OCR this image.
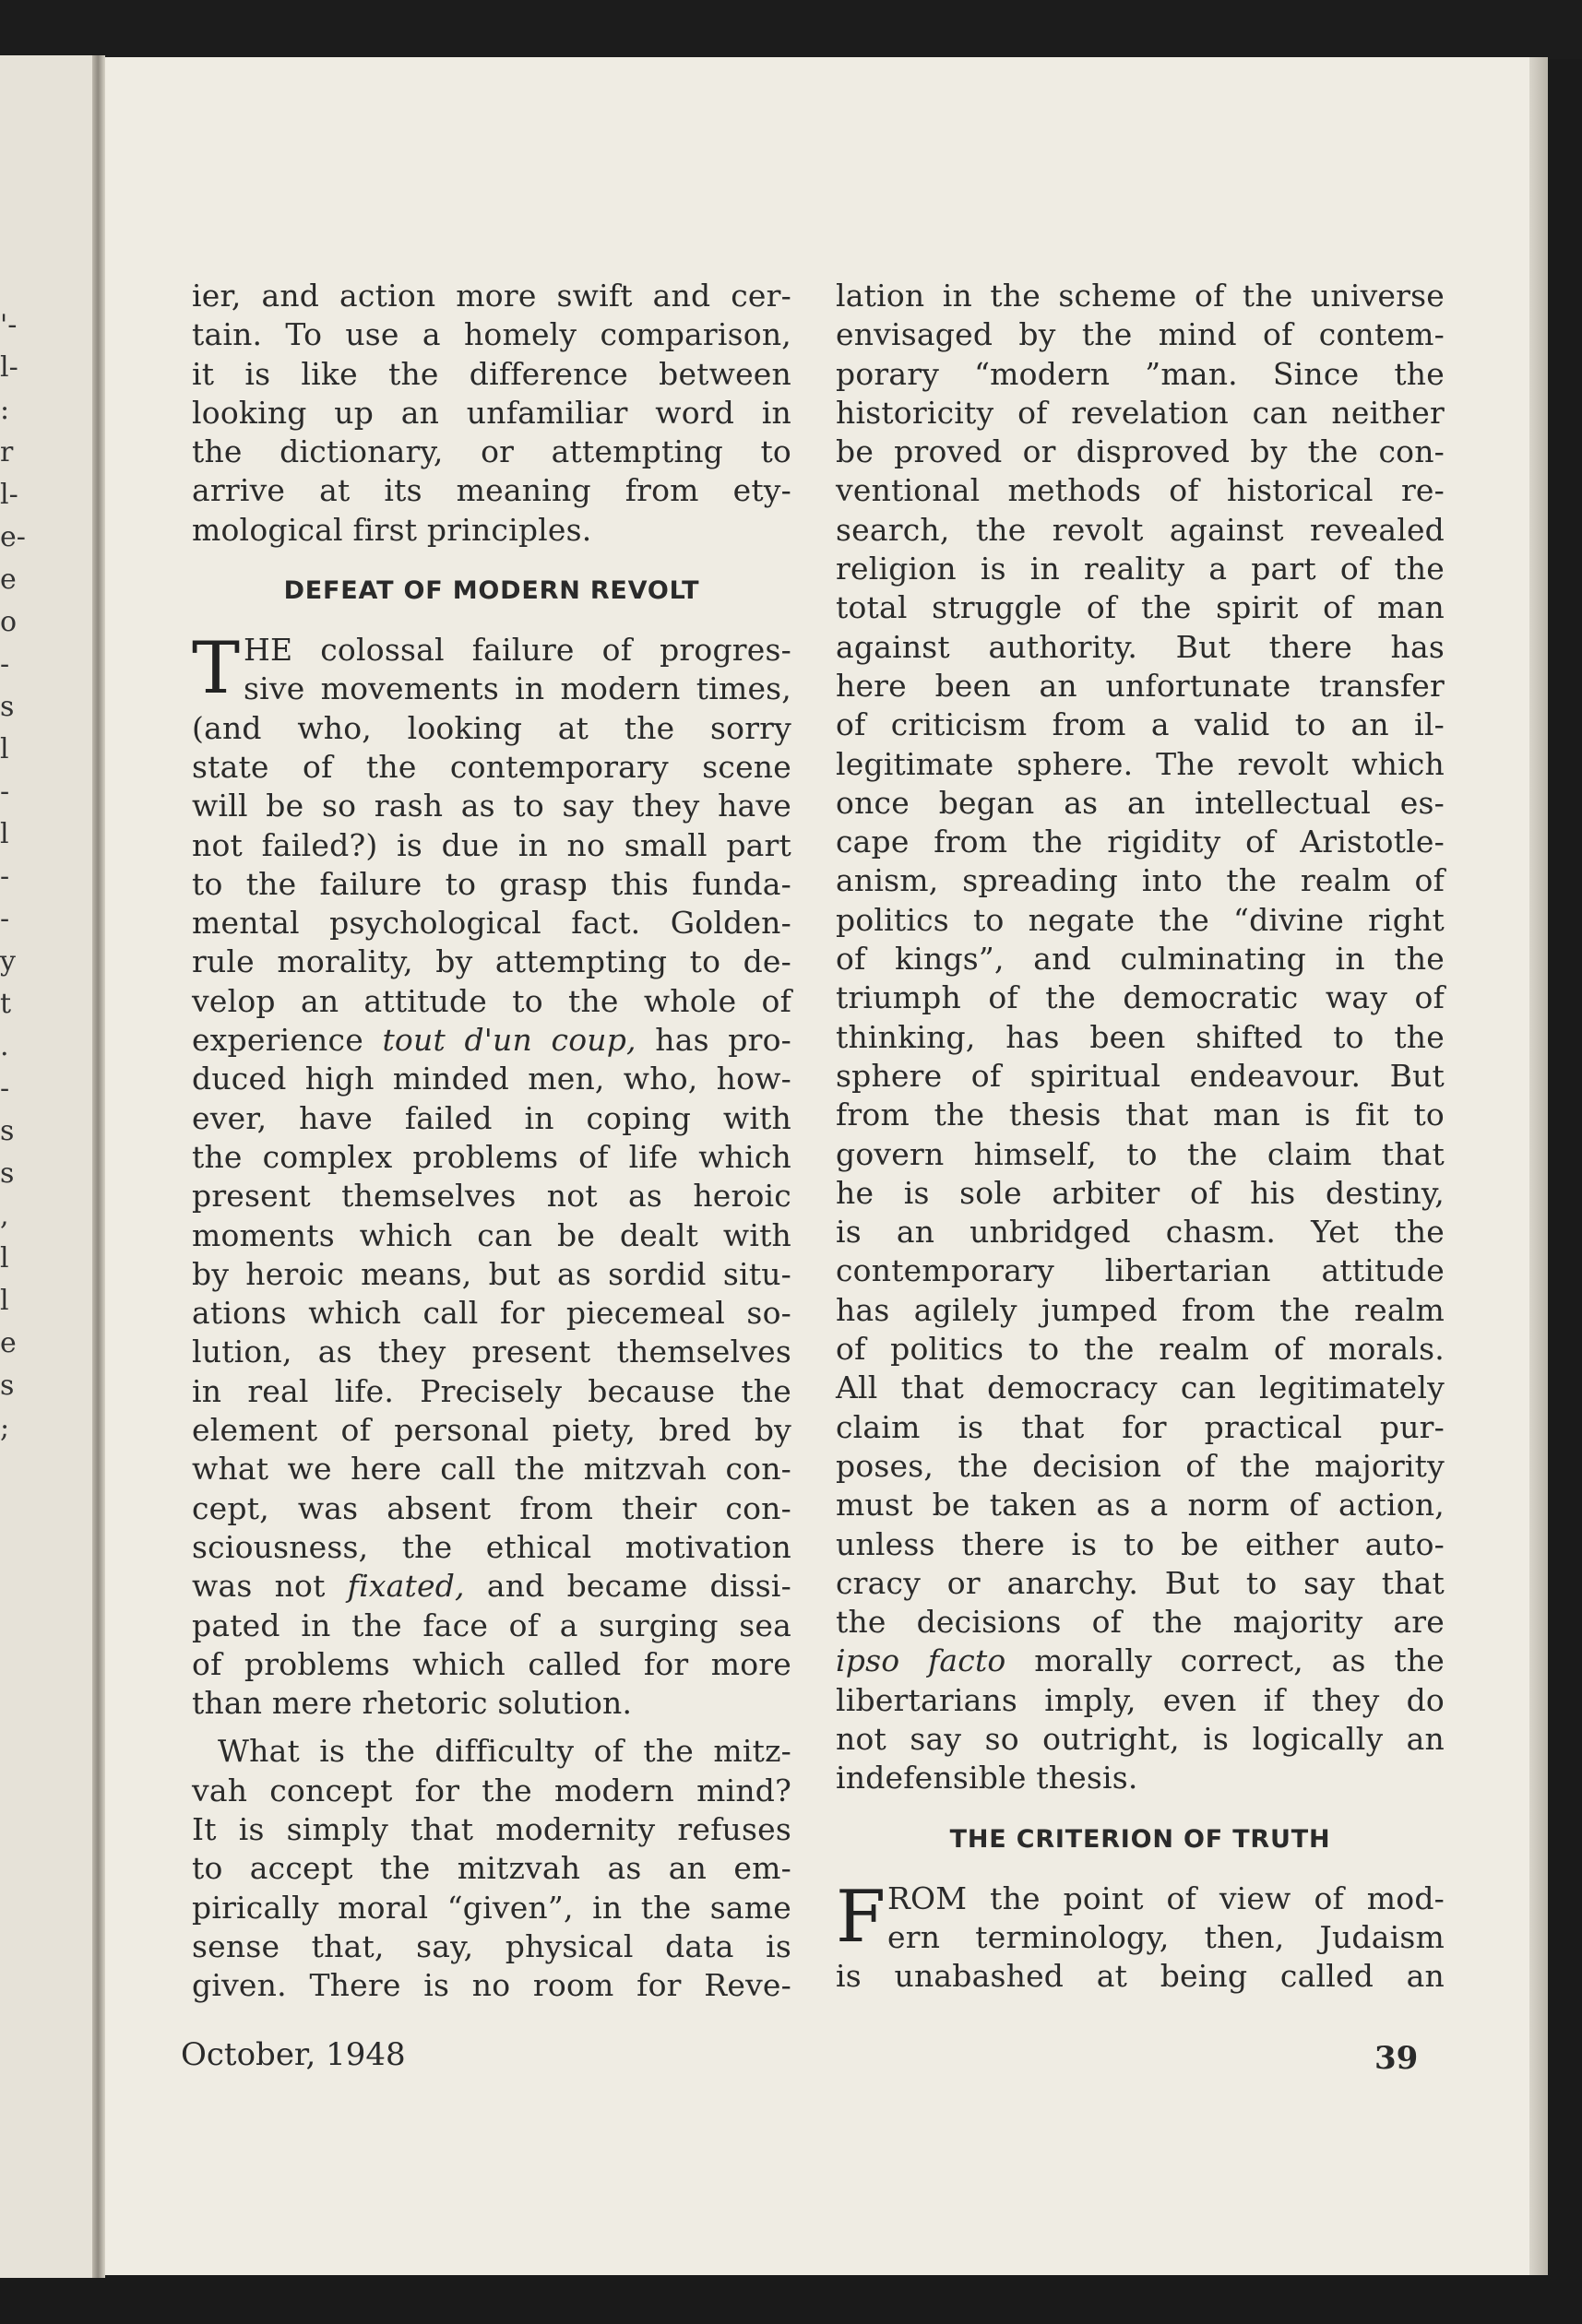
'-
l-
:
r
l-
e-
e
o
-
s
l
-
l
-
-
y
t
.
-
s
s
,
l
l
e
s
;
ier, and action more swift and cer-
tain. To use a homely comparison,
it is like the difference between
looking up an unfamiliar word in
the dictionary, or attempting to
arrive at its meaning from ety-
mological first principles.
DEFEAT OF MODERN REVOLT
T HE colossal failure of progres-
sive movements in modern times,
(and who, looking at the sorry
state of the contemporary scene
will be so rash as to say they have
not failed?) is due in no small part
to the failure to grasp this funda-
mental psychological fact. Golden-
rule morality, by attempting to de-
velop an attitude to the whole of
experience tout d'un coup, has pro-
duced high minded men, who, how-
ever, have failed in coping with
the complex problems of life which
present themselves not as heroic
moments which can be dealt with
by heroic means, but as sordid situ-
ations which call for piecemeal so-
lution, as they present themselves
in real life. Precisely because the
element of personal piety, bred by
what we here call the mitzvah con-
cept, was absent from their con-
sciousness, the ethical motivation
was not fixated, and became dissi-
pated in the face of a surging sea
of problems which called for more
than mere rhetoric solution.
What is the difficulty of the mitz-
vah concept for the modern mind?
It is simply that modernity refuses
to accept the mitzvah as an em-
pirically moral “given”, in the same
sense that, say, physical data is
given. There is no room for Reve-
lation in the scheme of the universe
envisaged by the mind of contem-
porary “modern ”man. Since the
historicity of revelation can neither
be proved or disproved by the con-
ventional methods of historical re-
search, the revolt against revealed
religion is in reality a part of the
total struggle of the spirit of man
against authority. But there has
here been an unfortunate transfer
of criticism from a valid to an il-
legitimate sphere. The revolt which
once began as an intellectual es-
cape from the rigidity of Aristotle-
anism, spreading into the realm of
politics to negate the “divine right
of kings”, and culminating in the
triumph of the democratic way of
thinking, has been shifted to the
sphere of spiritual endeavour. But
from the thesis that man is fit to
govern himself, to the claim that
he is sole arbiter of his destiny,
is an unbridged chasm. Yet the
contemporary libertarian attitude
has agilely jumped from the realm
of politics to the realm of morals.
All that democracy can legitimately
claim is that for practical pur-
poses, the decision of the majority
must be taken as a norm of action,
unless there is to be either auto-
cracy or anarchy. But to say that
the decisions of the majority are
ipso facto morally correct, as the
libertarians imply, even if they do
not say so outright, is logically an
indefensible thesis.
THE CRITERION OF TRUTH
F ROM the point of view of mod-
ern terminology, then, Judaism
is unabashed at being called an
October, 1948	39
